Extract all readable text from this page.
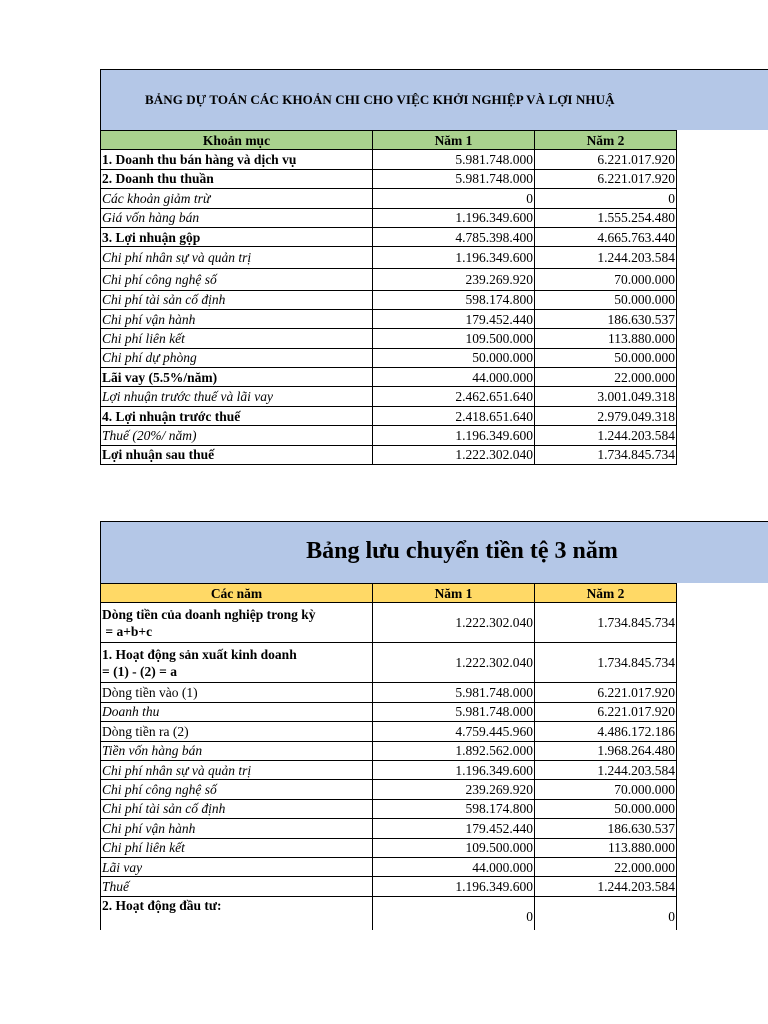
BẢNG DỰ TOÁN CÁC KHOẢN CHI CHO VIỆC KHỞI NGHIỆP VÀ LỢI NHUẬ
Khoản mục	Năm 1	Năm 2
1. Doanh thu bán hàng và dịch vụ	5.981.748.000	6.221.017.920
2. Doanh thu thuần	5.981.748.000	6.221.017.920
Các khoản giảm trừ	0	0
Giá vốn hàng bán	1.196.349.600	1.555.254.480
3. Lợi nhuận gộp	4.785.398.400	4.665.763.440
Chi phí nhân sự và quản trị	1.196.349.600	1.244.203.584
Chi phí công nghệ số	239.269.920	70.000.000
Chi phí tài sản cố định	598.174.800	50.000.000
Chi phí vận hành	179.452.440	186.630.537
Chi phí liên kết	109.500.000	113.880.000
Chi phí dự phòng	50.000.000	50.000.000
Lãi vay (5.5%/năm)	44.000.000	22.000.000
Lợi nhuận trước thuế và lãi vay	2.462.651.640	3.001.049.318
4. Lợi nhuận trước thuế	2.418.651.640	2.979.049.318
Thuế (20%/ năm)	1.196.349.600	1.244.203.584
Lợi nhuận sau thuế	1.222.302.040	1.734.845.734
Bảng lưu chuyển tiền tệ 3 năm
Các năm	Năm 1	Năm 2

Dòng tiền của doanh nghiệp trong kỳ
= a+b+c	1.222.302.040	1.734.845.734

1. Hoạt động sản xuất kinh doanh
= (1) - (2) = a	1.222.302.040	1.734.845.734
Dòng tiền vào (1)	5.981.748.000	6.221.017.920
Doanh thu	5.981.748.000	6.221.017.920
Dòng tiền ra (2)	4.759.445.960	4.486.172.186
Tiền vốn hàng bán	1.892.562.000	1.968.264.480
Chi phí nhân sự và quản trị	1.196.349.600	1.244.203.584
Chi phí công nghệ số	239.269.920	70.000.000
Chi phí tài sản cố định	598.174.800	50.000.000
Chi phí vận hành	179.452.440	186.630.537
Chi phí liên kết	109.500.000	113.880.000
Lãi vay	44.000.000	22.000.000
Thuế	1.196.349.600	1.244.203.584

2. Hoạt động đầu tư:	0	0
